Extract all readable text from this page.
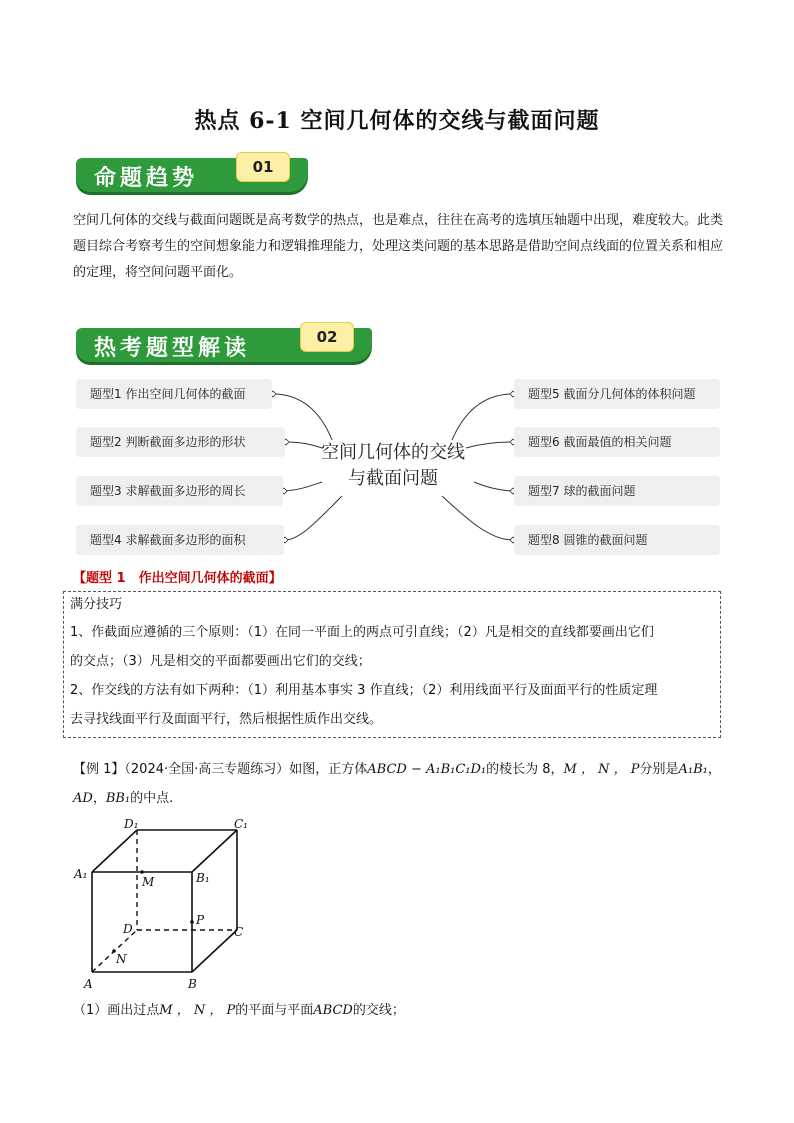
热点 6-1 空间几何体的交线与截面问题
命题趋势	01
空间几何体的交线与截面问题既是高考数学的热点，也是难点，往往在高考的选填压轴题中出现，难度较大。此类题目综合考察考生的空间想象能力和逻辑推理能力，处理这类问题的基本思路是借助空间点线面的位置关系和相应的定理，将空间问题平面化。
热考题型解读	02
题型1 作出空间几何体的截面
题型2 判断截面多边形的形状
题型3 求解截面多边形的周长
题型4 求解截面多边形的面积
空间几何体的交线与截面问题
题型5 截面分几何体的体积问题
题型6 截面最值的相关问题
题型7 球的截面问题
题型8 圆锥的截面问题
【题型 1　作出空间几何体的截面】

满分技巧

1、作截面应遵循的三个原则：（1）在同一平面上的两点可引直线；（2）凡是相交的直线都要画出它们

的交点；（3）凡是相交的平面都要画出它们的交线；

2、作交线的方法有如下两种：（1）利用基本事实 3 作直线；（2）利用线面平行及面面平行的性质定理

去寻找线面平行及面面平行，然后根据性质作出交线。

【例 1】（2024·全国·高三专题练习）如图，正方体ABCD − A₁B₁C₁D₁的棱长为 8，M ， N ， P分别是A₁B₁，
AD，BB₁的中点.
D₁	C₁
A₁	B₁
M
P
D	C
N
A	B
（1）画出过点M ， N ， P的平面与平面ABCD的交线；
